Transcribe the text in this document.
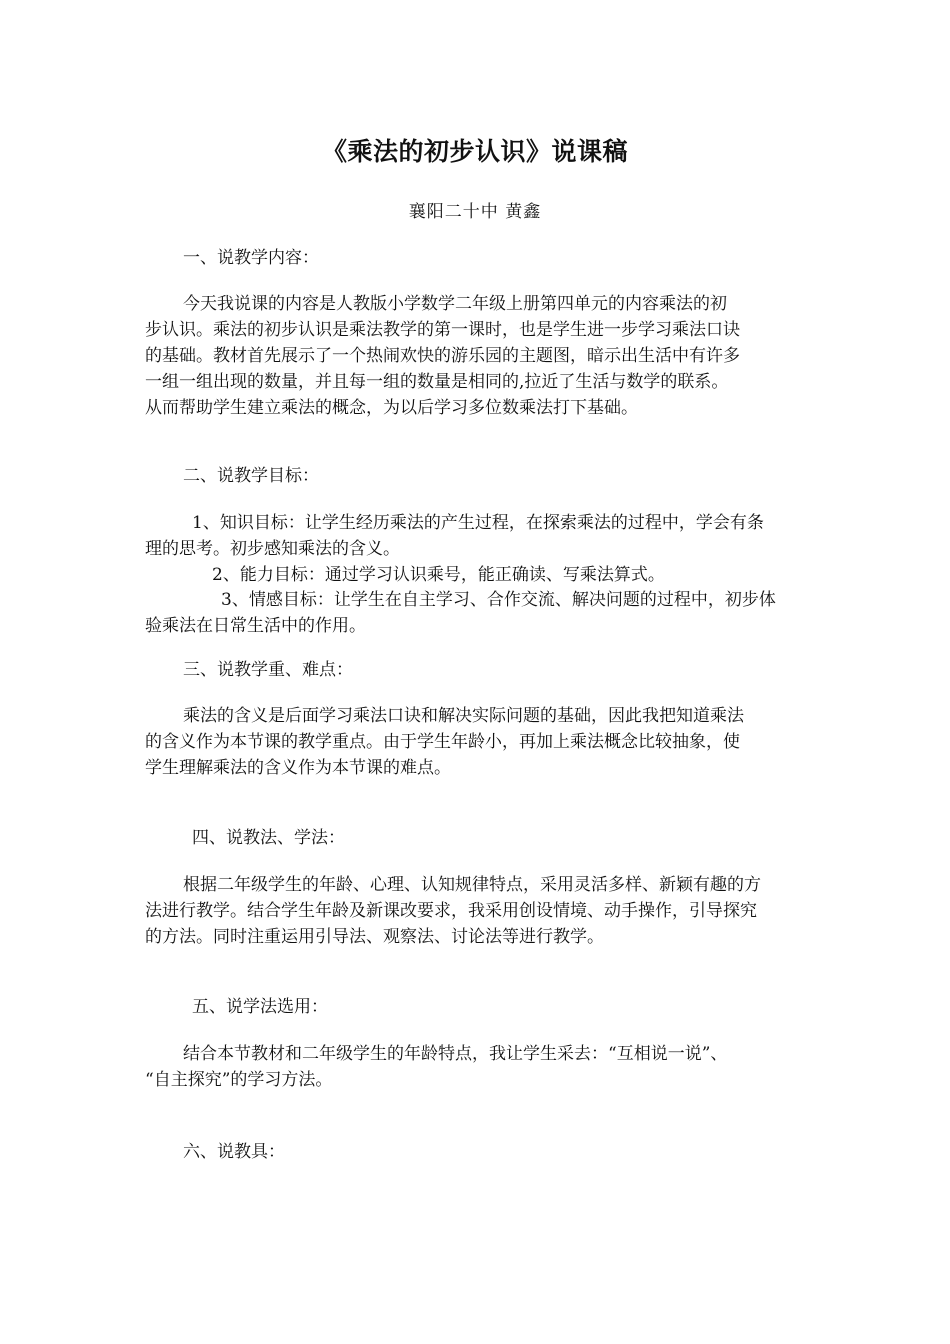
《乘法的初步认识》说课稿
襄阳二十中 黄鑫
一、说教学内容：
今天我说课的内容是人教版小学数学二年级上册第四单元的内容乘法的初
步认识。乘法的初步认识是乘法教学的第一课时，也是学生进一步学习乘法口诀
的基础。教材首先展示了一个热闹欢快的游乐园的主题图，暗示出生活中有许多
一组一组出现的数量，并且每一组的数量是相同的,拉近了生活与数学的联系。
从而帮助学生建立乘法的概念，为以后学习多位数乘法打下基础。
二、说教学目标：
1、知识目标：让学生经历乘法的产生过程，在探索乘法的过程中，学会有条
理的思考。初步感知乘法的含义。
2、能力目标：通过学习认识乘号，能正确读、写乘法算式。
3、情感目标：让学生在自主学习、合作交流、解决问题的过程中，初步体
验乘法在日常生活中的作用。
三、说教学重、难点：
乘法的含义是后面学习乘法口诀和解决实际问题的基础，因此我把知道乘法
的含义作为本节课的教学重点。由于学生年龄小，再加上乘法概念比较抽象，使
学生理解乘法的含义作为本节课的难点。
四、说教法、学法：
根据二年级学生的年龄、心理、认知规律特点，采用灵活多样、新颖有趣的方
法进行教学。结合学生年龄及新课改要求，我采用创设情境、动手操作，引导探究
的方法。同时注重运用引导法、观察法、讨论法等进行教学。
五、说学法选用：
结合本节教材和二年级学生的年龄特点，我让学生采去：“互相说一说”、
“自主探究”的学习方法。
六、说教具：
